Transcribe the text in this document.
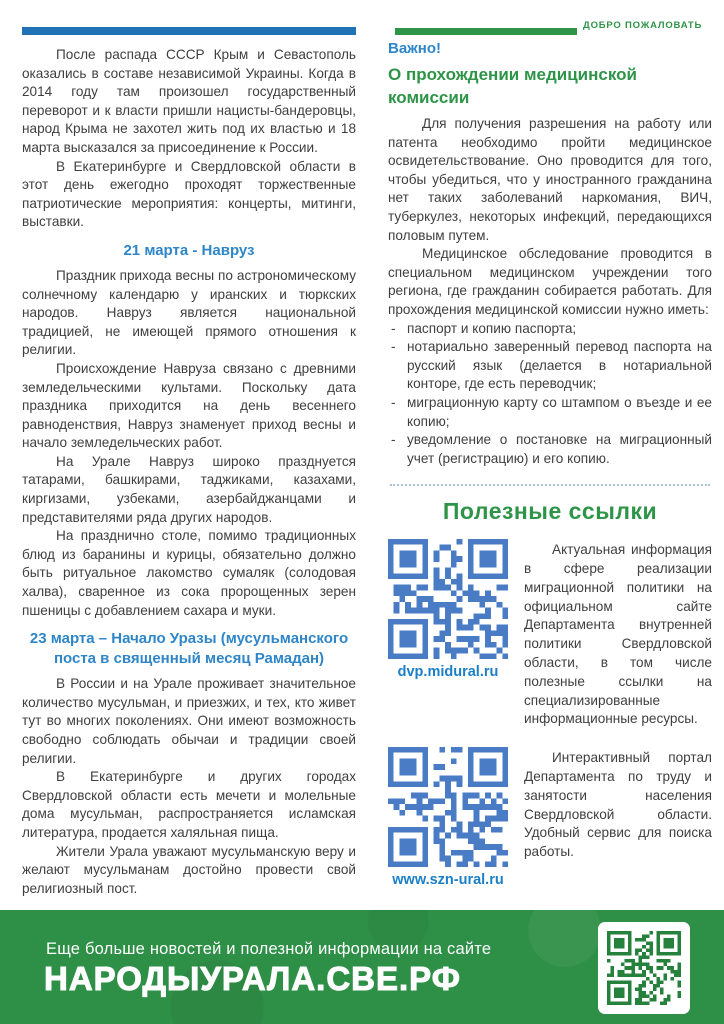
ДОБРО ПОЖАЛОВАТЬ

После распада СССР Крым и Севастополь оказались в составе независимой Украины. Когда в 2014 году там произошел государственный переворот и к власти пришли нацисты-бандеровцы, народ Крыма не захотел жить под их властью и 18 марта высказался за присоединение к России.

В Екатеринбурге и Свердловской области в этот день ежегодно проходят торжественные патриотические мероприятия: концерты, митинги, выставки.

21 марта - Навруз

Праздник прихода весны по астрономическому солнечному календарю у иранских и тюркских народов. Навруз является национальной традицией, не имеющей прямого отношения к религии.

Происхождение Навруза связано с древними земледельческими культами. Поскольку дата праздника приходится на день весеннего равноденствия, Навруз знаменует приход весны и начало земледельческих работ.

На Урале Навруз широко празднуется татарами, башкирами, таджиками, казахами, киргизами, узбеками, азербайджанцами и представителями ряда других народов.

На празднично столе, помимо традиционных блюд из баранины и курицы, обязательно должно быть ритуальное лакомство сумаляк (солодовая халва), сваренное из сока пророщенных зерен пшеницы с добавлением сахара и муки.

23 марта – Начало Уразы (мусульманского поста в священный месяц Рамадан)

В России и на Урале проживает значительное количество мусульман, и приезжих, и тех, кто живет тут во многих поколениях. Они имеют возможность свободно соблюдать обычаи и традиции своей религии.

В Екатеринбурге и других городах Свердловской области есть мечети и молельные дома мусульман, распространяется исламская литература, продается халяльная пища.

Жители Урала уважают мусульманскую веру и желают мусульманам достойно провести свой религиозный пост.

Важно!
О прохождении медицинской комиссии

Для получения разрешения на работу или патента необходимо пройти медицинское освидетельствование. Оно проводится для того, чтобы убедиться, что у иностранного гражданина нет таких заболеваний наркомания, ВИЧ, туберкулез, некоторых инфекций, передающихся половым путем.

Медицинское обследование проводится в специальном медицинском учреждении того региона, где гражданин собирается работать. Для прохождения медицинской комиссии нужно иметь:

- паспорт и копию паспорта;
- нотариально заверенный перевод паспорта на русский язык (делается в нотариальной конторе, где есть переводчик;
- миграционную карту со штампом о въезде и ее копию;
- уведомление о постановке на миграционный учет (регистрацию) и его копию.
Полезные ссылки
dvp.midural.ru

Актуальная информация в сфере реализации миграционной политики на официальном сайте Департамента внутренней политики Свердловской области, в том числе полезные ссылки на специализированные информационные ресурсы.

www.szn-ural.ru

Интерактивный портал Департамента по труду и занятости населения Свердловской области. Удобный сервис для поиска работы.

Еще больше новостей и полезной информации на сайте
НАРОДЫУРАЛА.СВЕ.РФ
